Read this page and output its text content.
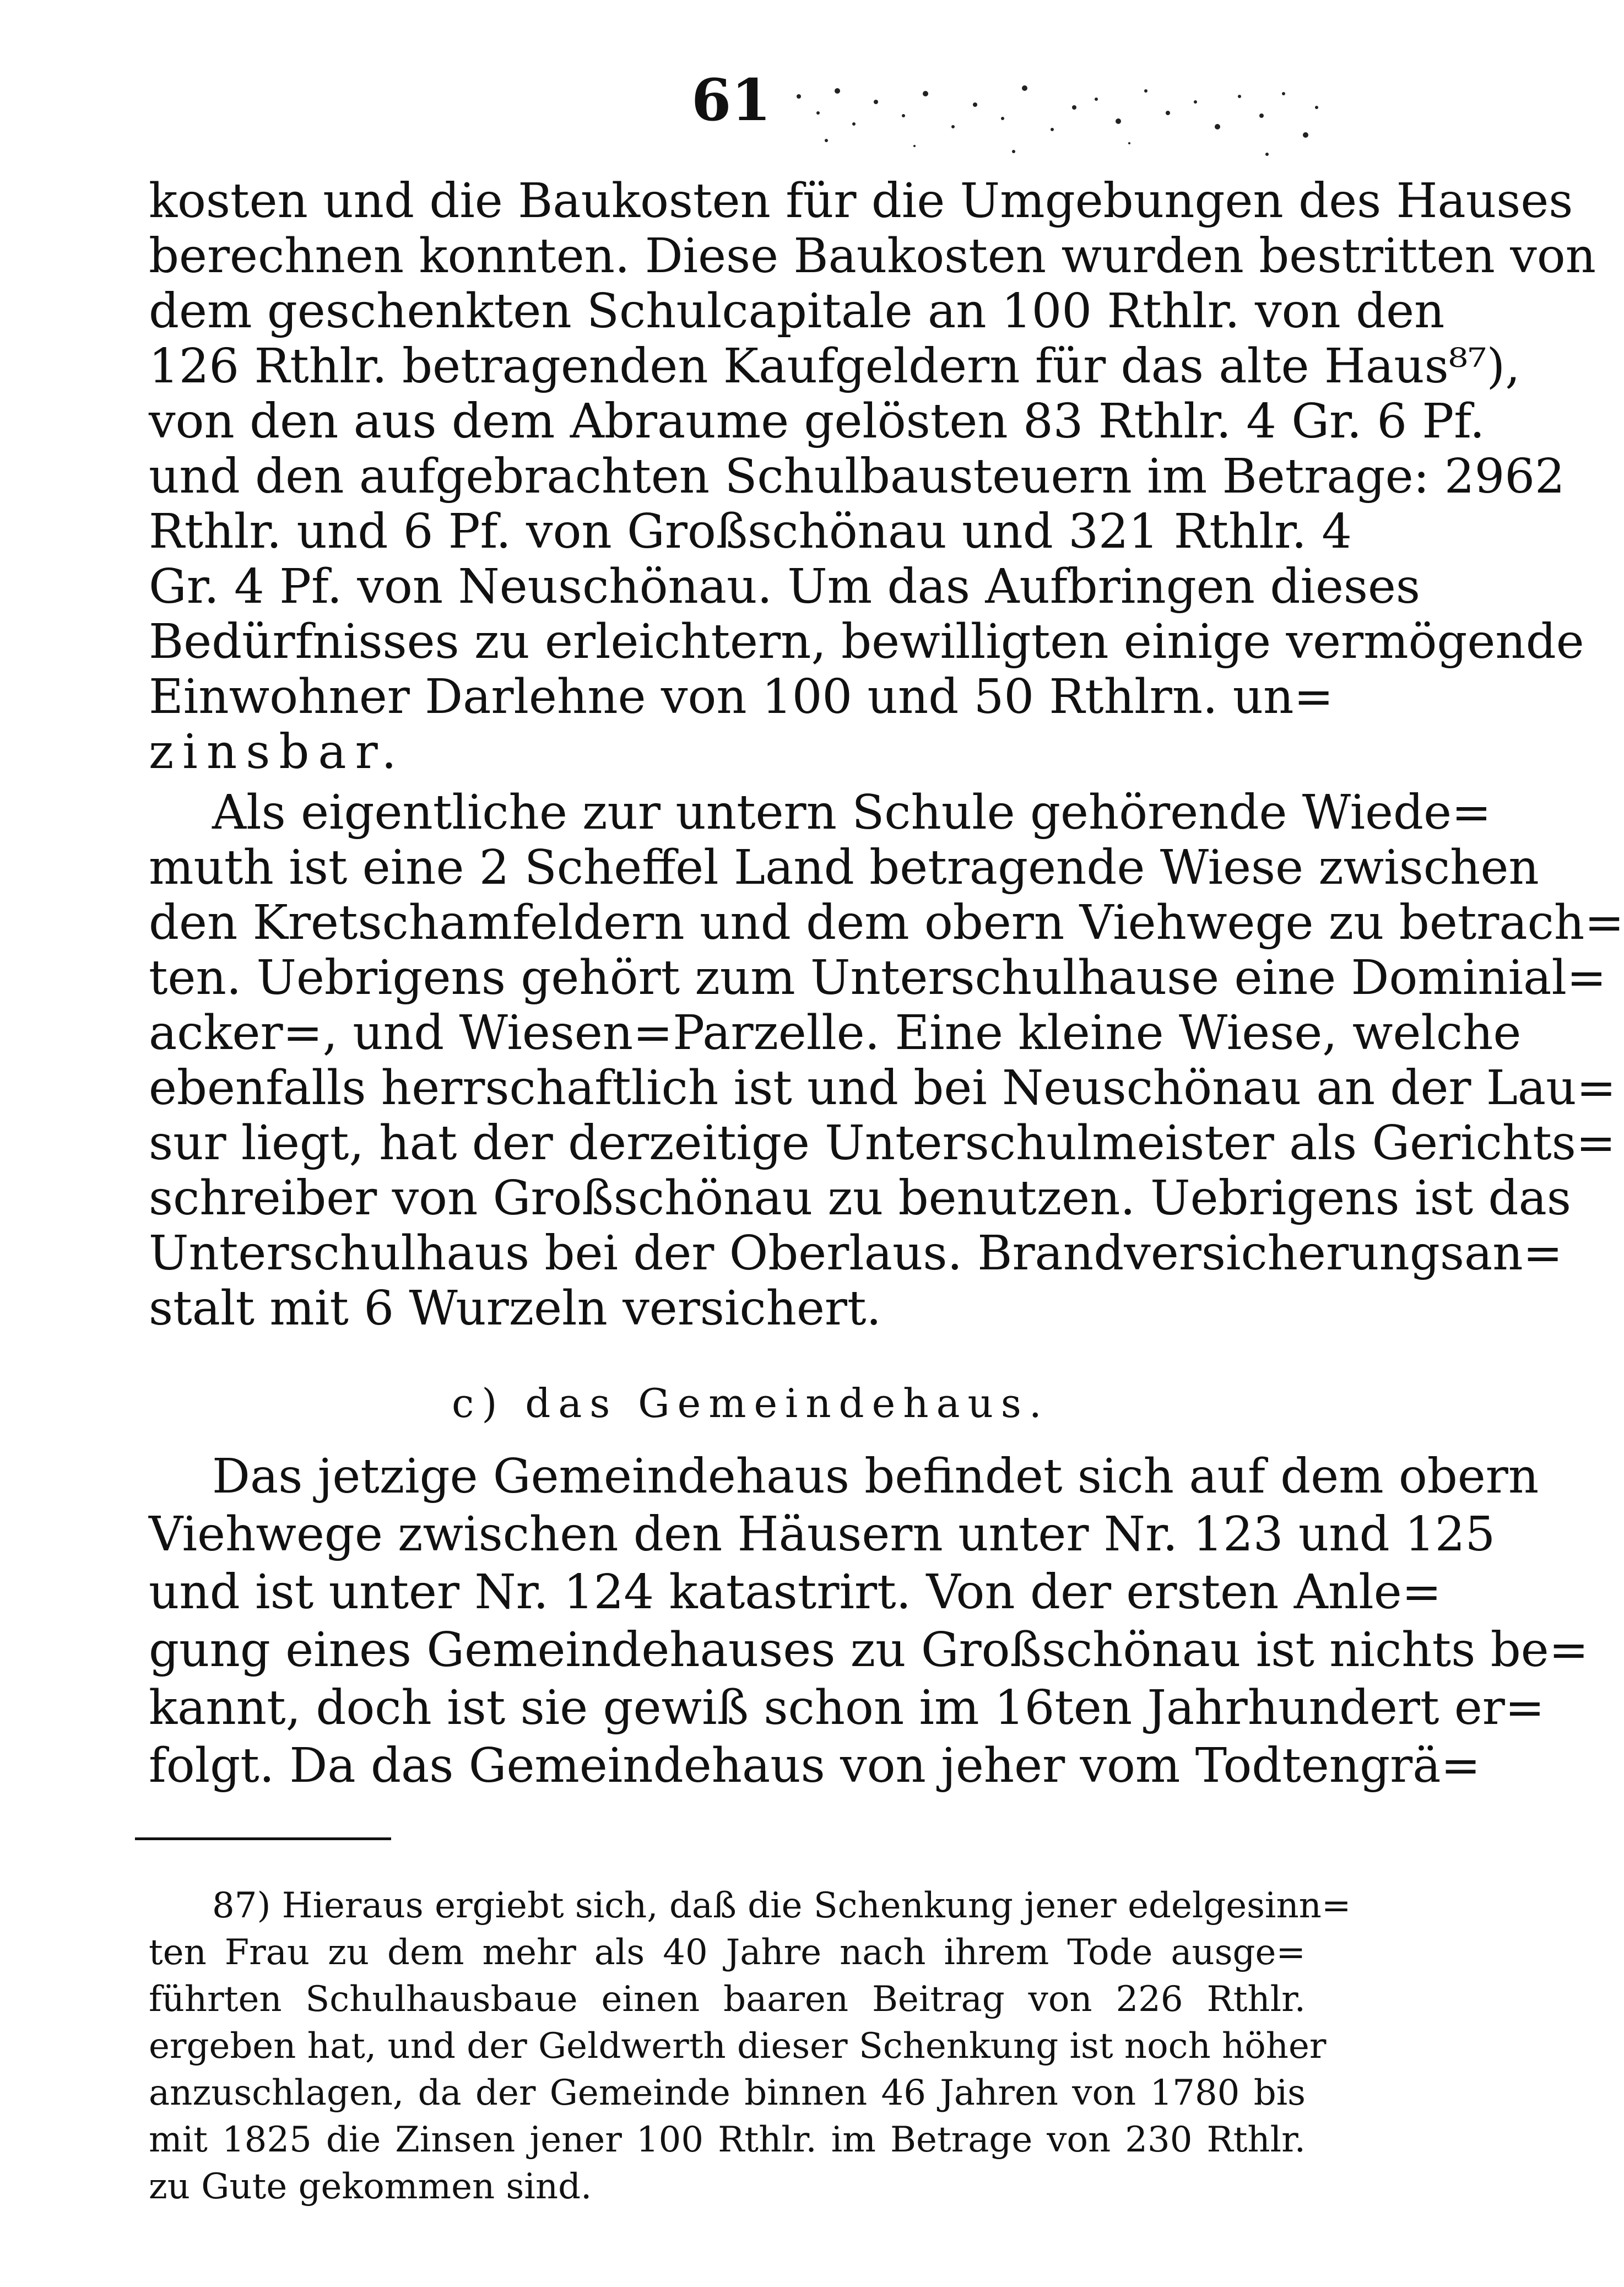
61
kosten und die Baukosten für die Umgebungen des Hauses
berechnen konnten. Diese Baukosten wurden bestritten von
dem geschenkten Schulcapitale an 100 Rthlr. von den
126 Rthlr. betragenden Kaufgeldern für das alte Haus⁸⁷),
von den aus dem Abraume gelösten 83 Rthlr. 4 Gr. 6 Pf.
und den aufgebrachten Schulbausteuern im Betrage: 2962
Rthlr. und 6 Pf. von Großschönau und 321 Rthlr. 4
Gr. 4 Pf. von Neuschönau. Um das Aufbringen dieses
Bedürfnisses zu erleichtern, bewilligten einige vermögende
Einwohner Darlehne von 100 und 50 Rthlrn. un=
zinsbar.
Als eigentliche zur untern Schule gehörende Wiede=
muth ist eine 2 Scheffel Land betragende Wiese zwischen
den Kretschamfeldern und dem obern Viehwege zu betrach=
ten. Uebrigens gehört zum Unterschulhause eine Dominial=
acker=, und Wiesen=Parzelle. Eine kleine Wiese, welche
ebenfalls herrschaftlich ist und bei Neuschönau an der Lau=
sur liegt, hat der derzeitige Unterschulmeister als Gerichts=
schreiber von Großschönau zu benutzen. Uebrigens ist das
Unterschulhaus bei der Oberlaus. Brandversicherungsan=
stalt mit 6 Wurzeln versichert.
c) das Gemeindehaus.
Das jetzige Gemeindehaus befindet sich auf dem obern
Viehwege zwischen den Häusern unter Nr. 123 und 125
und ist unter Nr. 124 katastrirt. Von der ersten Anle=
gung eines Gemeindehauses zu Großschönau ist nichts be=
kannt, doch ist sie gewiß schon im 16ten Jahrhundert er=
folgt. Da das Gemeindehaus von jeher vom Todtengrä=
87) Hieraus ergiebt sich, daß die Schenkung jener edelgesinn=
ten Frau zu dem mehr als 40 Jahre nach ihrem Tode ausge=
führten Schulhausbaue einen baaren Beitrag von 226 Rthlr.
ergeben hat, und der Geldwerth dieser Schenkung ist noch höher
anzuschlagen, da der Gemeinde binnen 46 Jahren von 1780 bis
mit 1825 die Zinsen jener 100 Rthlr. im Betrage von 230 Rthlr.
zu Gute gekommen sind.
